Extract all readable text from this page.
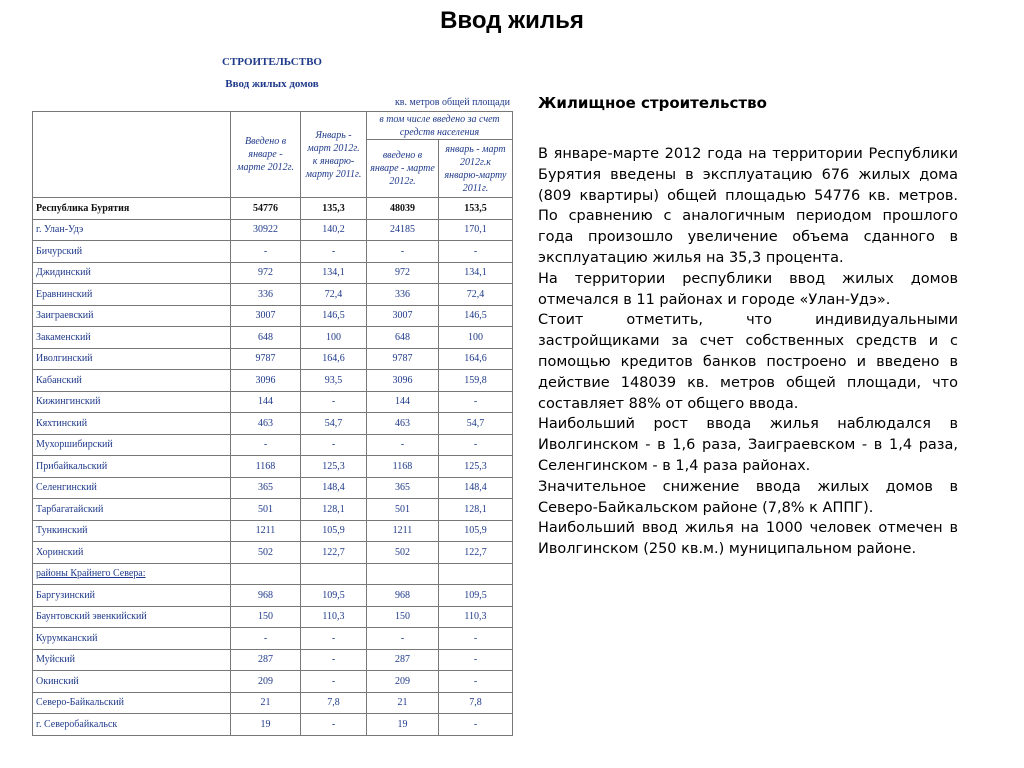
Ввод жилья
СТРОИТЕЛЬСТВО
Ввод жилых домов
кв. метров общей площади
	Введено в январе - марте 2012г.	Январь - март 2012г. к январю-марту 2011г.	в том числе введено за счет средств населения	
			введено в январе - марте 2012г.	январь - март 2012г.к январю-марту 2011г.
Республика Бурятия	54776	135,3	48039	153,5
г. Улан-Удэ	30922	140,2	24185	170,1
Бичурский	-	-	-	-
Джидинский	972	134,1	972	134,1
Еравнинский	336	72,4	336	72,4
Заиграевский	3007	146,5	3007	146,5
Закаменский	648	100	648	100
Иволгинский	9787	164,6	9787	164,6
Кабанский	3096	93,5	3096	159,8
Кижингинский	144	-	144	-
Кяхтинский	463	54,7	463	54,7
Мухоршибирский	-	-	-	-
Прибайкальский	1168	125,3	1168	125,3
Селенгинский	365	148,4	365	148,4
Тарбагатайский	501	128,1	501	128,1
Тункинский	1211	105,9	1211	105,9
Хоринский	502	122,7	502	122,7
районы Крайнего Севера:				
Баргузинский	968	109,5	968	109,5
Баунтовский эвенкийский	150	110,3	150	110,3
Курумканский	-	-	-	-
Муйский	287	-	287	-
Окинский	209	-	209	-
Северо-Байкальский	21	7,8	21	7,8
г. Северобайкальск	19	-	19	-
Жилищное строительство

В январе-марте 2012 года на территории Республики Бурятия введены в эксплуатацию 676 жилых дома (809 квартиры) общей площадью 54776 кв. метров. По сравнению с аналогичным периодом прошлого года произошло увеличение объема сданного в эксплуатацию жилья на 35,3 процента.

На территории республики ввод жилых домов отмечался в 11 районах и городе «Улан-Удэ».

Стоит отметить, что индивидуальными застройщиками за счет собственных средств и с помощью кредитов банков построено и введено в действие 148039 кв. метров общей площади, что составляет 88% от общего ввода.

Наибольший рост ввода жилья наблюдался в Иволгинском - в 1,6 раза, Заиграевском - в 1,4 раза, Селенгинском - в 1,4 раза районах.

Значительное снижение ввода жилых домов в Северо-Байкальском районе (7,8% к АППГ).

Наибольший ввод жилья на 1000 человек отмечен в Иволгинском (250 кв.м.) муниципальном районе.
